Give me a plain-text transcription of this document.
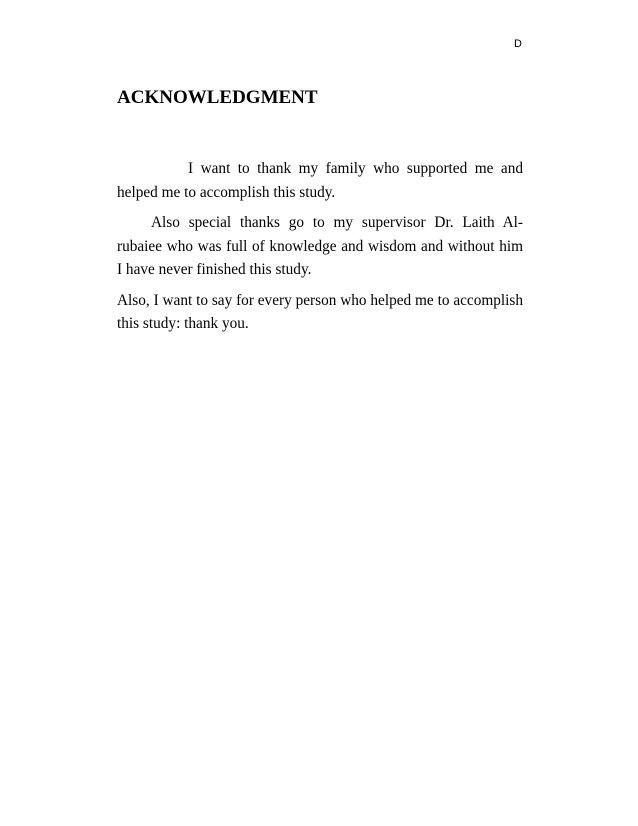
D
ACKNOWLEDGMENT

I want to thank my family who supported me and helped me to accomplish this study.

Also special thanks go to my supervisor Dr. Laith Al-rubaiee who was full of knowledge and wisdom and without him I have never finished this study.

Also, I want to say for every person who helped me to accomplish this study: thank you.
